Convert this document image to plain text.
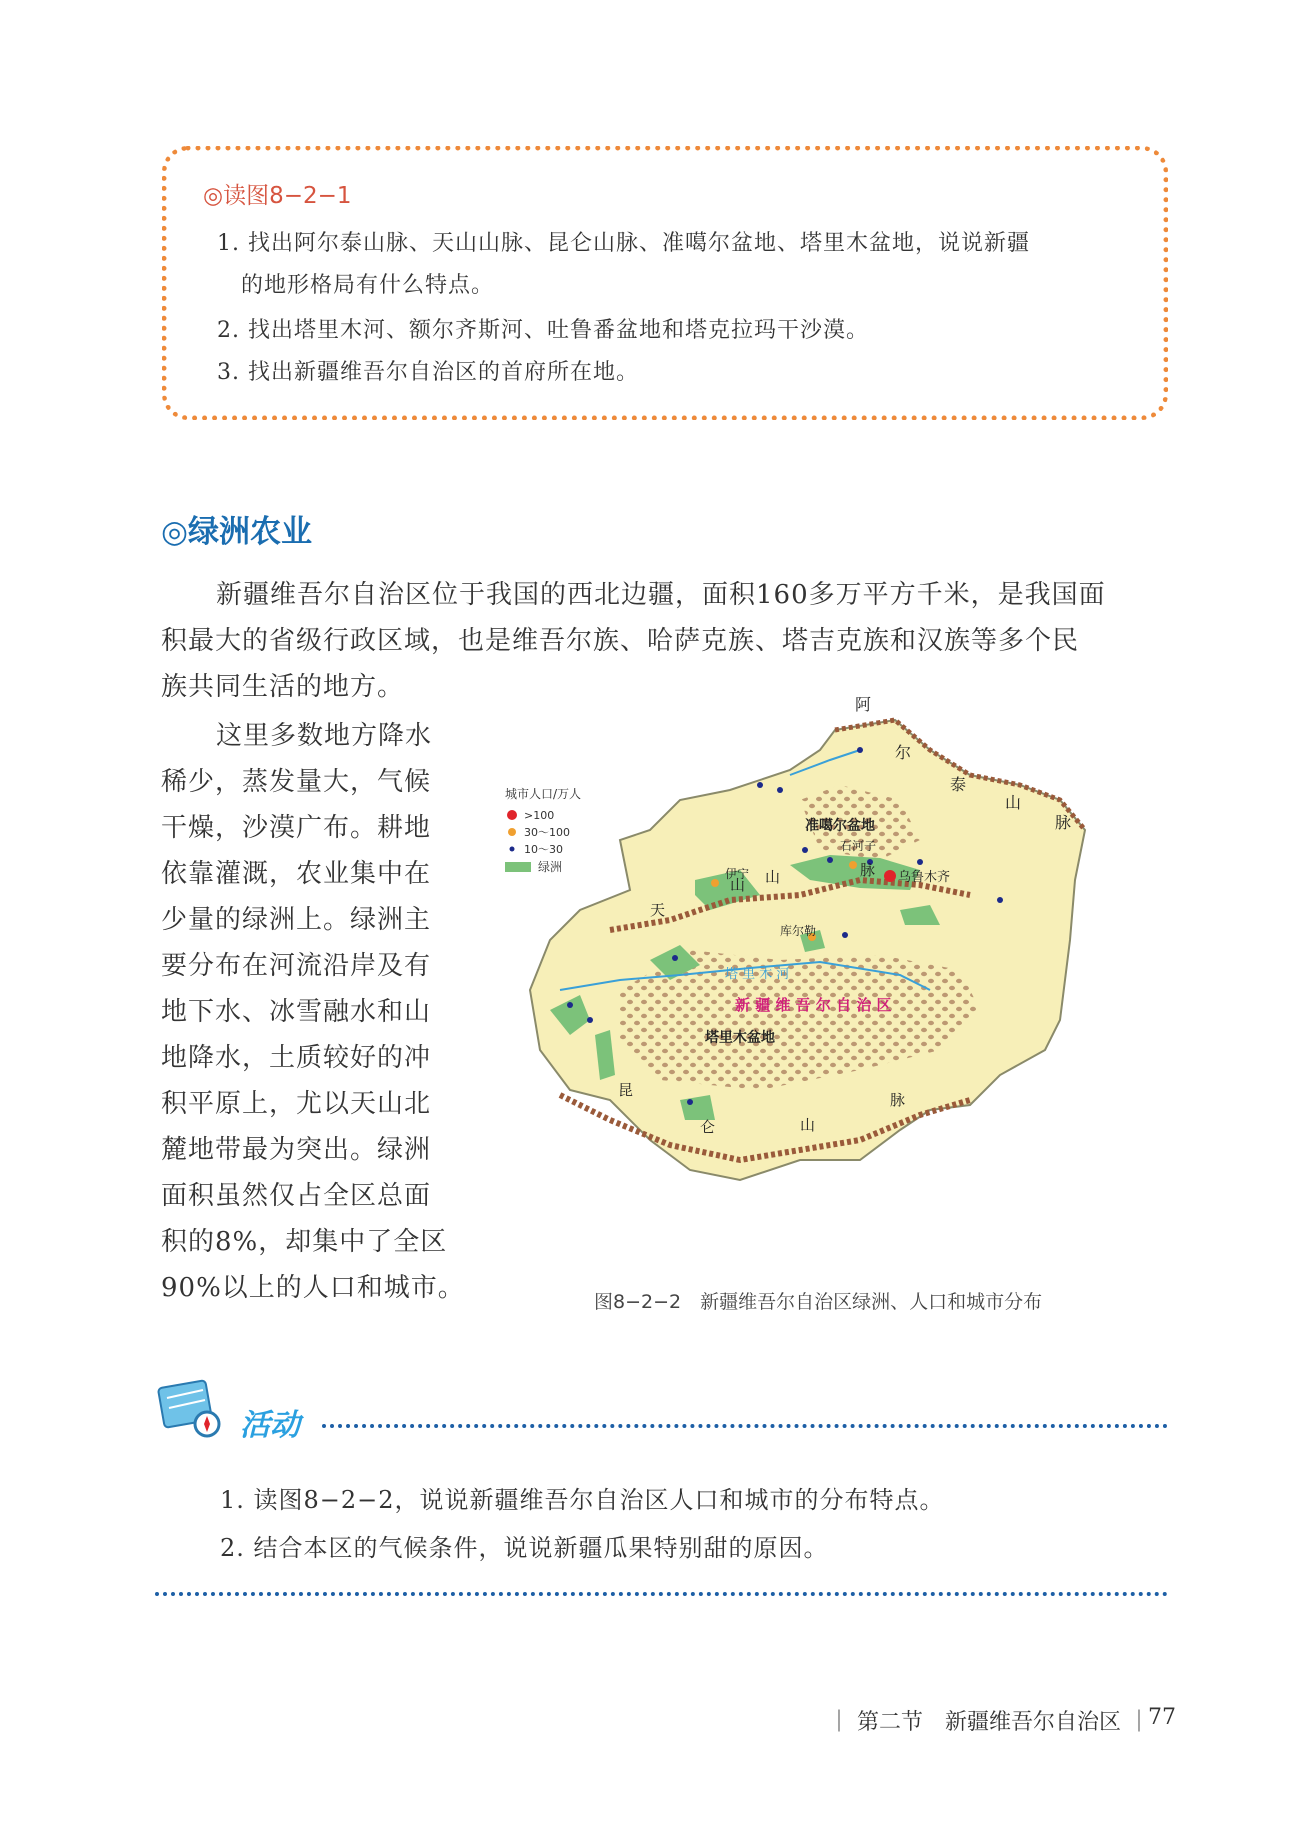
◎读图8−2−1
1. 找出阿尔泰山脉、天山山脉、昆仑山脉、准噶尔盆地、塔里木盆地，说说新疆
的地形格局有什么特点。
2. 找出塔里木河、额尔齐斯河、吐鲁番盆地和塔克拉玛干沙漠。
3. 找出新疆维吾尔自治区的首府所在地。
◎绿洲农业
新疆维吾尔自治区位于我国的西北边疆，面积160多万平方千米，是我国面
积最大的省级行政区域，也是维吾尔族、哈萨克族、塔吉克族和汉族等多个民
族共同生活的地方。
这里多数地方降水
稀少，蒸发量大，气候
干燥，沙漠广布。耕地
依靠灌溉，农业集中在
少量的绿洲上。绿洲主
要分布在河流沿岸及有
地下水、冰雪融水和山
地降水，土质较好的冲
积平原上，尤以天山北
麓地带最为突出。绿洲
面积虽然仅占全区总面
积的8%，却集中了全区
90%以上的人口和城市。
城市人口/万人
>100
30～100
10～30
绿洲
阿
尔
泰
山
脉
准噶尔盆地
石河子
乌鲁木齐
伊宁
天
山 山	脉
库尔勒
塔 里 木 河
新 疆 维 吾 尔 自 治 区
塔里木盆地
昆
仑	山
脉
图8−2−2　新疆维吾尔自治区绿洲、人口和城市分布
活动
1. 读图8−2−2，说说新疆维吾尔自治区人口和城市的分布特点。
2. 结合本区的气候条件，说说新疆瓜果特别甜的原因。
｜ 第二节　新疆维吾尔自治区 ｜
77
